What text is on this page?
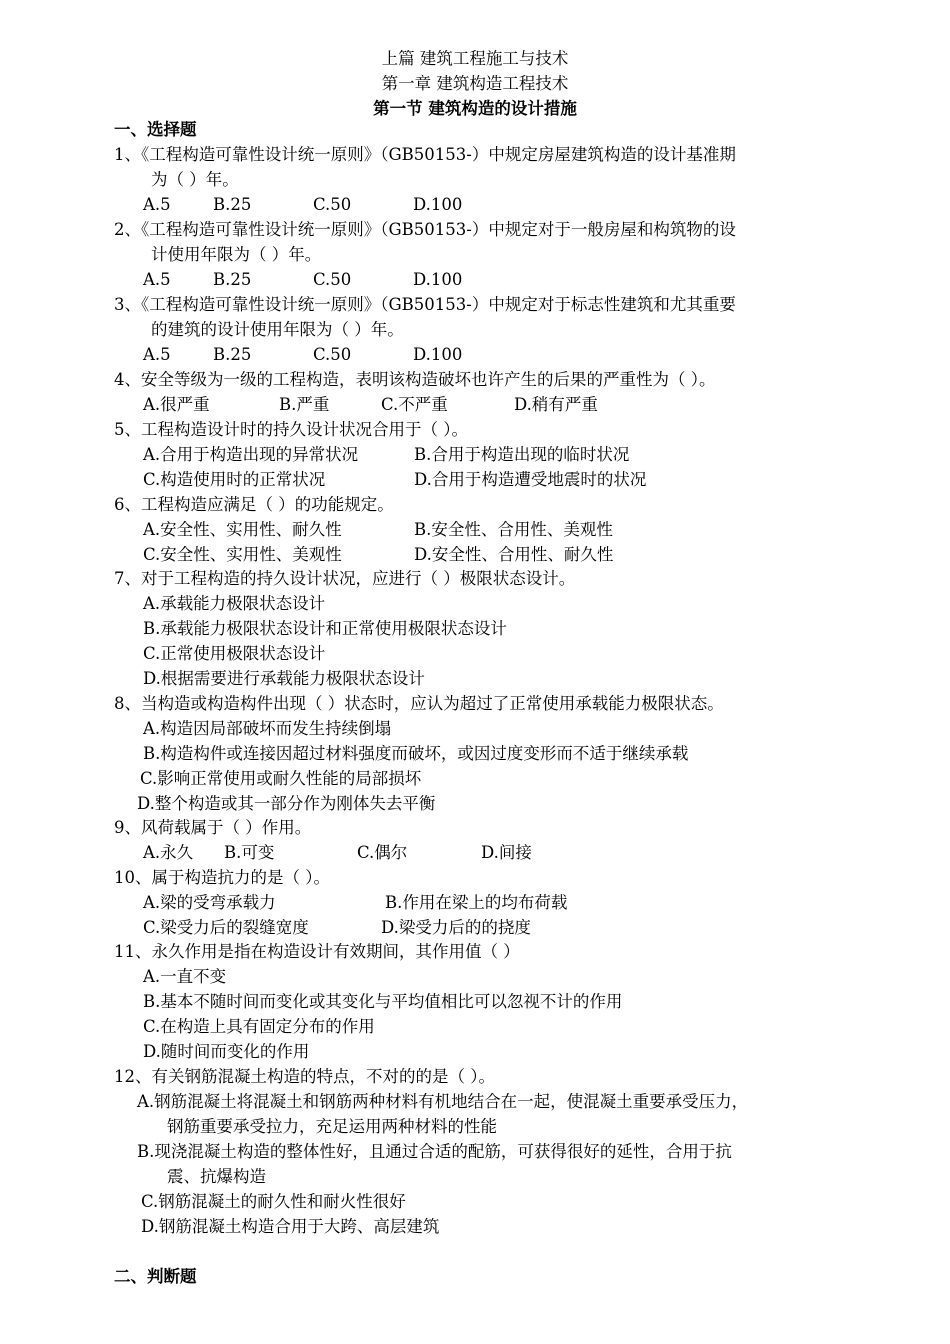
上篇 建筑工程施工与技术
第一章 建筑构造工程技术
第一节 建筑构造的设计措施
一、选择题
1、《工程构造可靠性设计统一原则》（GB50153-）中规定房屋建筑构造的设计基准期
为（ ）年。
A.5	B.25	C.50	D.100
2、《工程构造可靠性设计统一原则》（GB50153-）中规定对于一般房屋和构筑物的设
计使用年限为（ ）年。
A.5	B.25	C.50	D.100
3、《工程构造可靠性设计统一原则》（GB50153-）中规定对于标志性建筑和尤其重要
的建筑的设计使用年限为（ ）年。
A.5	B.25	C.50	D.100
4、安全等级为一级的工程构造，表明该构造破坏也许产生的后果的严重性为（ ）。
A.很严重	B.严重	C.不严重	D.稍有严重
5、工程构造设计时的持久设计状况合用于（ ）。
A.合用于构造出现的异常状况	B.合用于构造出现的临时状况
C.构造使用时的正常状况	D.合用于构造遭受地震时的状况
6、工程构造应满足（ ）的功能规定。
A.安全性、实用性、耐久性	B.安全性、合用性、美观性
C.安全性、实用性、美观性	D.安全性、合用性、耐久性
7、对于工程构造的持久设计状况，应进行（ ）极限状态设计。
A.承载能力极限状态设计
B.承载能力极限状态设计和正常使用极限状态设计
C.正常使用极限状态设计
D.根据需要进行承载能力极限状态设计
8、当构造或构造构件出现（ ）状态时，应认为超过了正常使用承载能力极限状态。
A.构造因局部破坏而发生持续倒塌
B.构造构件或连接因超过材料强度而破坏，或因过度变形而不适于继续承载
C.影响正常使用或耐久性能的局部损坏
D.整个构造或其一部分作为刚体失去平衡
9、风荷载属于（ ）作用。
A.永久 B.可变	C.偶尔	D.间接
10、属于构造抗力的是（ ）。
A.梁的受弯承载力	B.作用在梁上的均布荷载
C.梁受力后的裂缝宽度	D.梁受力后的的挠度
11、永久作用是指在构造设计有效期间，其作用值（ ）
A.一直不变
B.基本不随时间而变化或其变化与平均值相比可以忽视不计的作用
C.在构造上具有固定分布的作用
D.随时间而变化的作用
12、有关钢筋混凝土构造的特点，不对的的是（ ）。
A.钢筋混凝土将混凝土和钢筋两种材料有机地结合在一起，使混凝土重要承受压力，
钢筋重要承受拉力，充足运用两种材料的性能
B.现浇混凝土构造的整体性好，且通过合适的配筋，可获得很好的延性，合用于抗
震、抗爆构造
C.钢筋混凝土的耐久性和耐火性很好
D.钢筋混凝土构造合用于大跨、高层建筑
二、判断题
